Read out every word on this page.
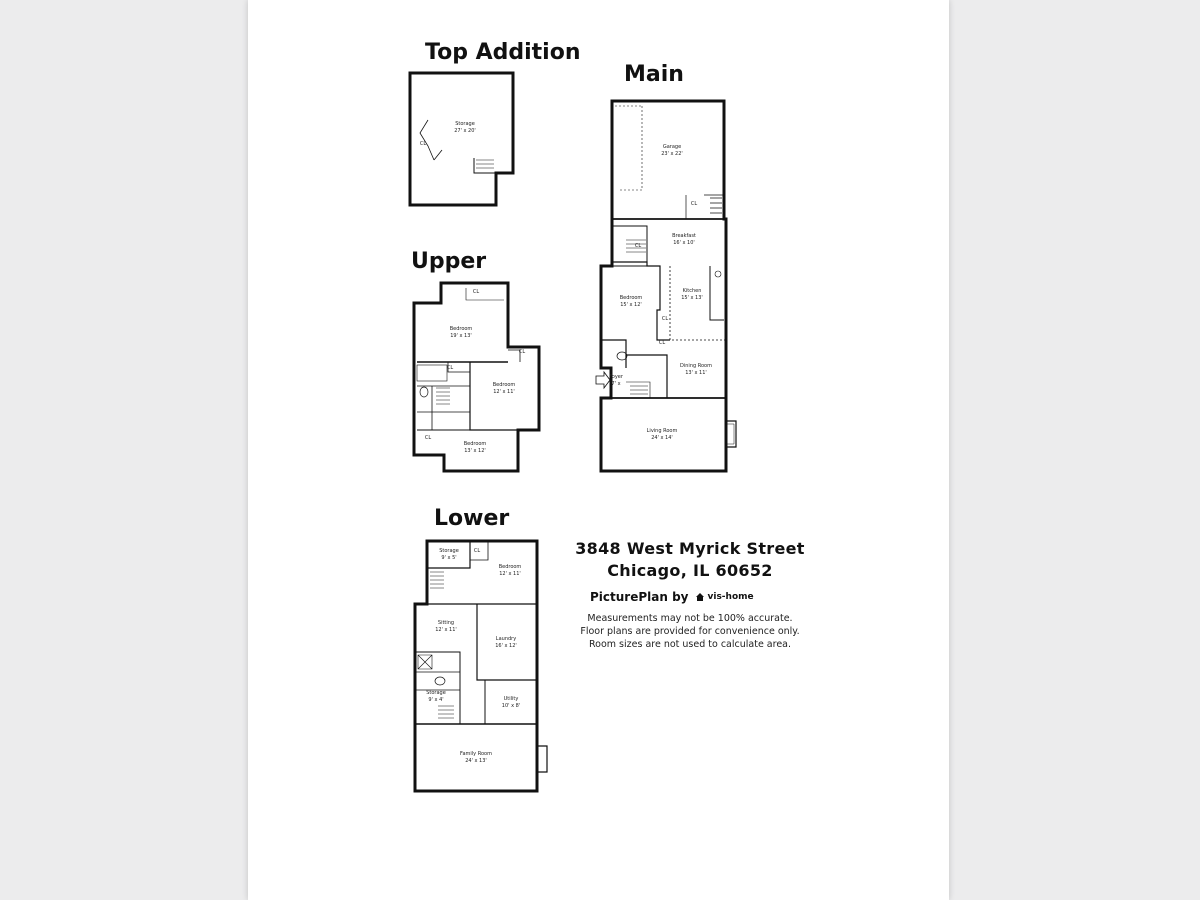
Top Addition
Main
Upper
Lower
Storage
27' x 20'
CL	Garage
23' x 22'
Breakfast
16' x 10'
Bedroom
15' x 12'
Kitchen
15' x 13'
Dining Room
13' x 11'
Foyer
7' x
Living Room
24' x 14'
CL
CL
CL
CL
Bedroom
19' x 13'
Bedroom
12' x 11'
Bedroom
13' x 12'
CL
CL
CL
CL
Storage
9' x 5'
Bedroom
12' x 11'
Sitting
12' x 11'
Laundry
16' x 12'
Storage
9' x 4'	Utility
10' x 8'
Family Room
24' x 13'
CL	3848 West Myrick Street
Chicago, IL 60652
PicturePlan by vis-home
Measurements may not be 100% accurate.
Floor plans are provided for convenience only.
Room sizes are not used to calculate area.
